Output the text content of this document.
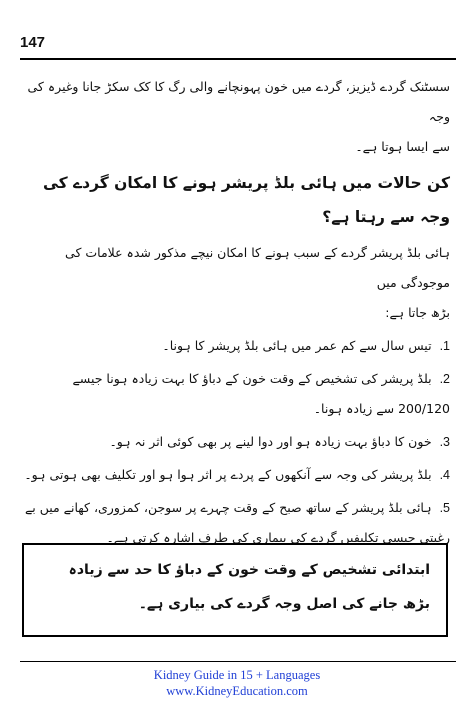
147

سسٹنک گردے ڈیزیز، گردے میں خون پہونچانے والی رگ کا کک سکڑ جانا وغیرہ کی وجہ

سے ایسا ہوتا ہے۔

کن حالات میں ہائی بلڈ پریشر ہونے کا امکان گردے کی وجہ سے رہتا ہے؟

ہائی بلڈ پریشر گردے کے سبب ہونے کا امکان نیچے مذکور شدہ علامات کی موجودگی میں

بڑھ جاتا ہے:

1.تیس سال سے کم عمر میں ہائی بلڈ پریشر کا ہونا۔

2.بلڈ پریشر کی تشخیص کے وقت خون کے دباؤ کا بہت زیادہ ہونا جیسے 200/120 سے زیادہ ہونا۔

3.خون کا دباؤ بہت زیادہ ہو اور دوا لینے پر بھی کوئی اثر نہ ہو۔

4.بلڈ پریشر کی وجہ سے آنکھوں کے پردے پر اثر ہوا ہو اور تکلیف بھی ہوتی ہو۔

5.ہائی بلڈ پریشر کے ساتھ صبح کے وقت چہرے پر سوجن، کمزوری، کھانے میں بے رغبتی جیسی تکلیفیں گردے کی بیماری کی طرف اشارہ کرتی ہے۔

ابتدائی تشخیص کے وقت خون کے دباؤ کا حد سے زیادہ بڑھ جانے کی اصل وجہ گردے کی بیاری ہے۔
Kidney Guide in 15 + Languages
www.KidneyEducation.com
